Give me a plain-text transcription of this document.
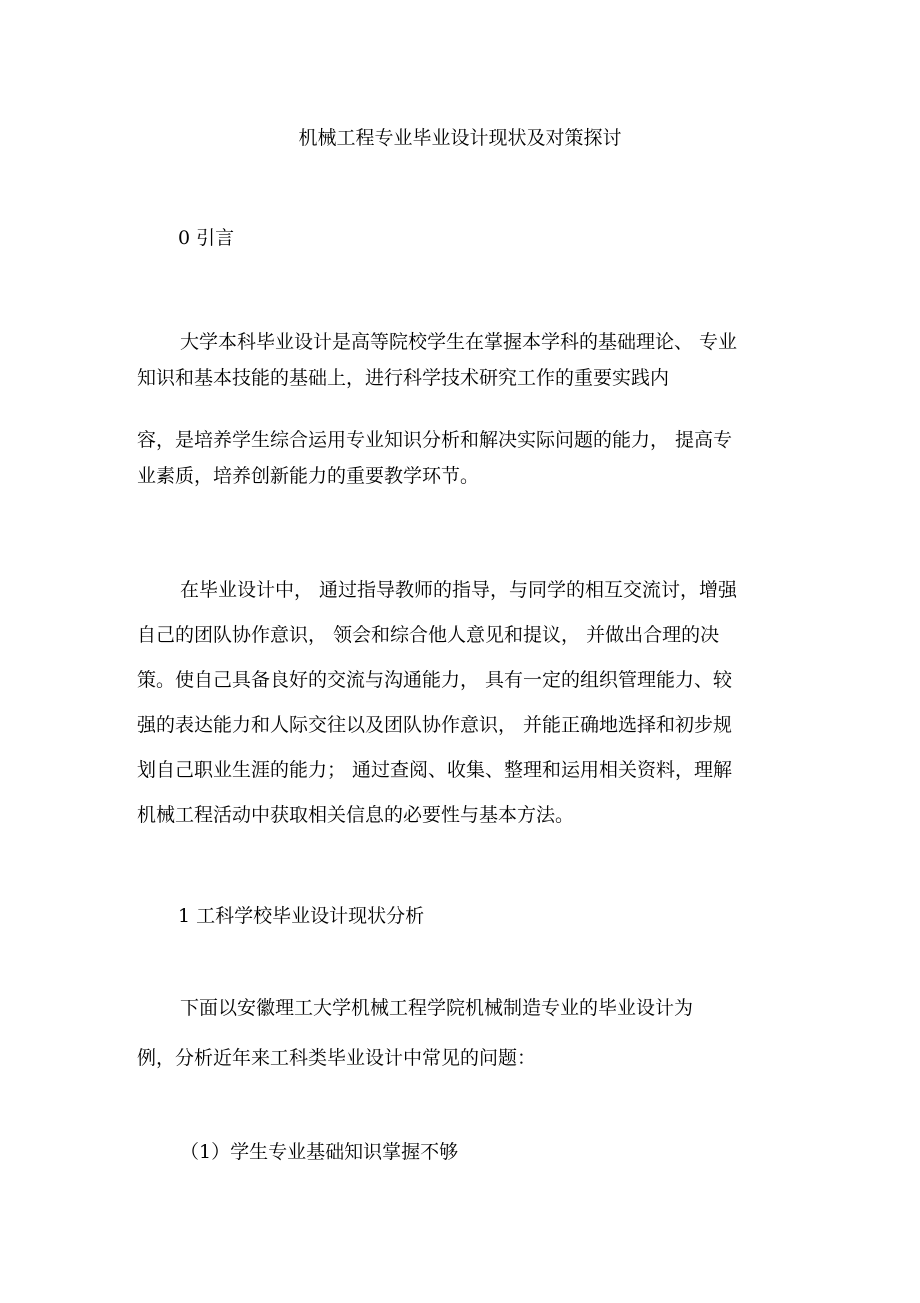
机械工程专业毕业设计现状及对策探讨
0 引言
大学本科毕业设计是高等院校学生在掌握本学科的基础理论、 专业
知识和基本技能的基础上，进行科学技术研究工作的重要实践内
容，是培养学生综合运用专业知识分析和解决实际问题的能力， 提高专
业素质，培养创新能力的重要教学环节。
在毕业设计中， 通过指导教师的指导，与同学的相互交流讨，增强
自己的团队协作意识， 领会和综合他人意见和提议， 并做出合理的决
策。使自己具备良好的交流与沟通能力， 具有一定的组织管理能力、较
强的表达能力和人际交往以及团队协作意识， 并能正确地选择和初步规
划自己职业生涯的能力； 通过查阅、收集、整理和运用相关资料，理解
机械工程活动中获取相关信息的必要性与基本方法。
1 工科学校毕业设计现状分析
下面以安徽理工大学机械工程学院机械制造专业的毕业设计为
例，分析近年来工科类毕业设计中常见的问题：
（1）学生专业基础知识掌握不够
